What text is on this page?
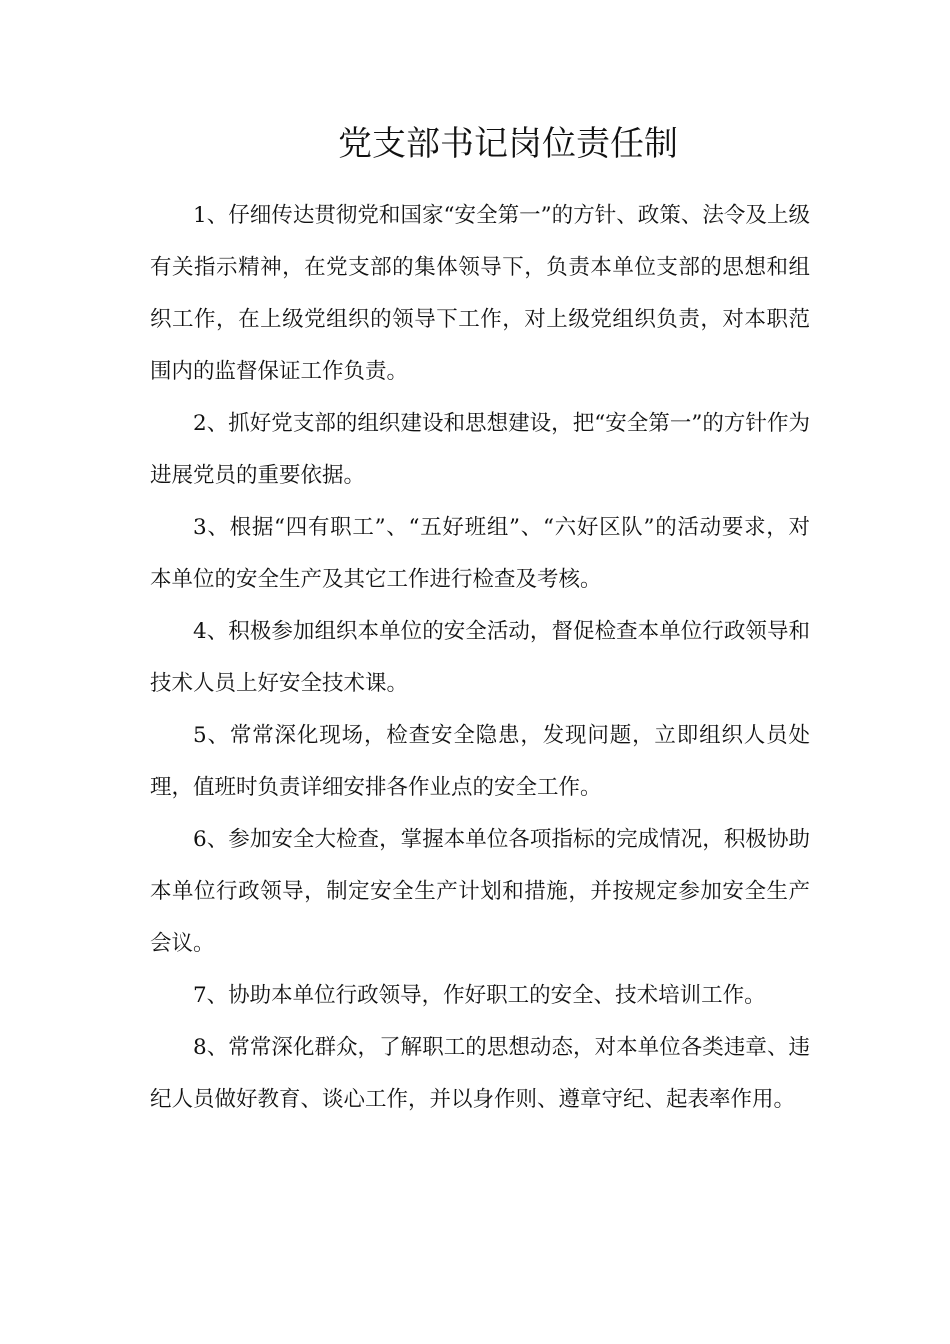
党支部书记岗位责任制

1、仔细传达贯彻党和国家“安全第一”的方针、政策、法令及上级有关指示精神，在党支部的集体领导下，负责本单位支部的思想和组织工作，在上级党组织的领导下工作，对上级党组织负责，对本职范围内的监督保证工作负责。

2、抓好党支部的组织建设和思想建设，把“安全第一”的方针作为进展党员的重要依据。

3、根据“四有职工”、“五好班组”、“六好区队”的活动要求，对本单位的安全生产及其它工作进行检查及考核。

4、积极参加组织本单位的安全活动，督促检查本单位行政领导和技术人员上好安全技术课。

5、常常深化现场，检查安全隐患，发现问题，立即组织人员处理，值班时负责详细安排各作业点的安全工作。

6、参加安全大检查，掌握本单位各项指标的完成情况，积极协助本单位行政领导，制定安全生产计划和措施，并按规定参加安全生产会议。

7、协助本单位行政领导，作好职工的安全、技术培训工作。

8、常常深化群众，了解职工的思想动态，对本单位各类违章、违纪人员做好教育、谈心工作，并以身作则、遵章守纪、起表率作用。
